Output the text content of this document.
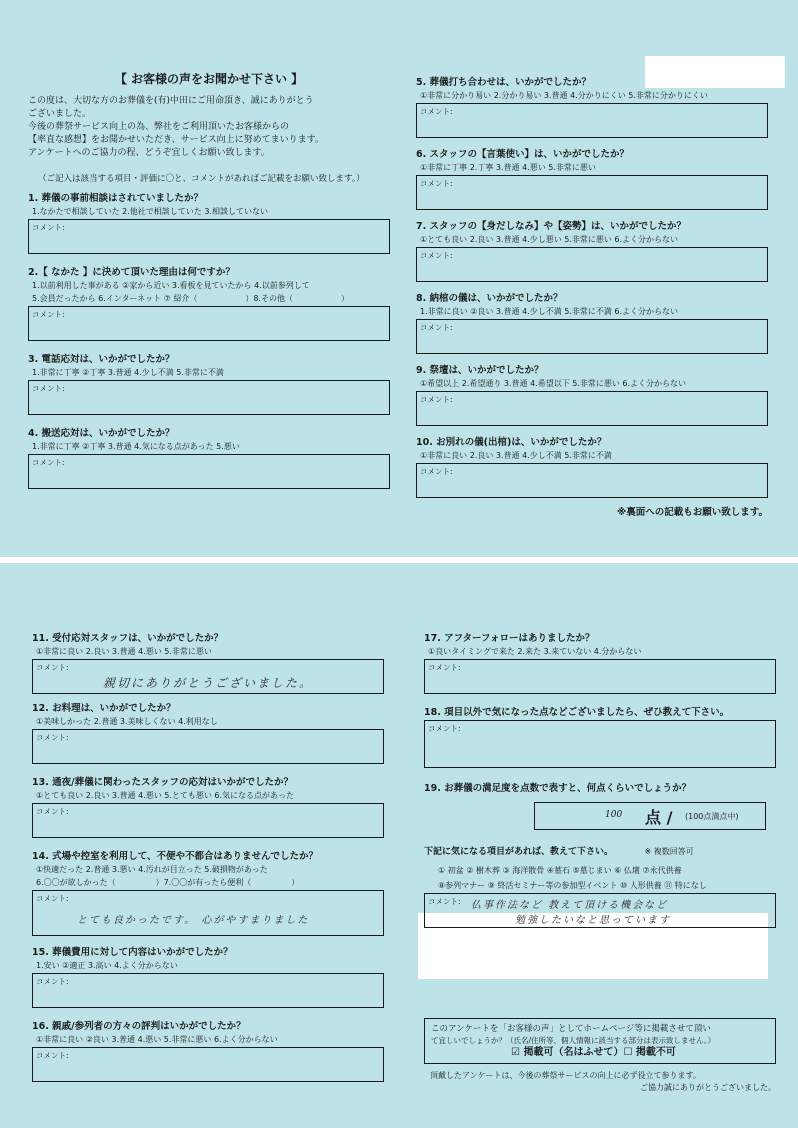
【 お客様の声をお聞かせ下さい 】

この度は、大切な方のお葬儀を(有)中田にご用命頂き、誠にありがとう

ございました。

今後の葬祭サービス向上の為、弊社をご利用頂いたお客様からの

【率直な感想】をお聞かせいただき、サービス向上に努めてまいります。

アンケートへのご協力の程、どうぞ宜しくお願い致します。

（ご記入は該当する項目・評価に〇と、コメントがあればご記載をお願い致します。）

1. 葬儀の事前相談はされていましたか？

1.なかたで相談していた 2.他社で相談していた 3.相談していない

コメント:

2.【 なかた 】に決めて頂いた理由は何ですか？

1.以前利用した事がある ②家から近い 3.看板を見ていたから 4.以前参列して

5.会員だったから 6.インターネット ⑦ 紹介（　　　　　　）8.その他（　　　　　　）

コメント:

3. 電話応対は、いかがでしたか？

1.非常に丁寧 ②丁寧 3.普通 4.少し不満 5.非常に不満

コメント:

4. 搬送応対は、いかがでしたか？

1.非常に丁寧 ②丁寧 3.普通 4.気になる点があった 5.悪い

コメント:

5. 葬儀打ち合わせは、いかがでしたか？

①非常に分かり易い 2.分かり易い 3.普通 4.分かりにくい 5.非常に分かりにくい

コメント:

6. スタッフの【言葉使い】は、いかがでしたか？

①非常に丁寧 2.丁寧 3.普通 4.悪い 5.非常に悪い

コメント:

7. スタッフの【身だしなみ】や【姿勢】は、いかがでしたか？

①とても良い 2.良い 3.普通 4.少し悪い 5.非常に悪い 6.よく分からない

コメント:

8. 納棺の儀は、いかがでしたか？

1.非常に良い ②良い 3.普通 4.少し不満 5.非常に不満 6.よく分からない

コメント:

9. 祭壇は、いかがでしたか？

①希望以上 2.希望通り 3.普通 4.希望以下 5.非常に悪い 6.よく分からない

コメント:

10. お別れの儀(出棺)は、いかがでしたか？

①非常に良い 2.良い 3.普通 4.少し不満 5.非常に不満

コメント:

※裏面への記載もお願い致します。

11. 受付応対スタッフは、いかがでしたか？

①非常に良い 2.良い 3.普通 4.悪い 5.非常に悪い

コメント:
親切にありがとうございました。

12. お料理は、いかがでしたか？

①美味しかった 2.普通 3.美味しくない 4.利用なし

コメント:

13. 通夜/葬儀に関わったスタッフの応対はいかがでしたか？

①とても良い 2.良い 3.普通 4.悪い 5.とても悪い 6.気になる点があった

コメント:

14. 式場や控室を利用して、不便や不都合はありませんでしたか？

①快適だった 2.普通 3.悪い 4.汚れが目立った 5.破損物があった

6.〇〇が欲しかった（　　　　　）7.〇〇が有ったら便利（　　　　　）

コメント:
とても良かったです。 心がやすまりました

15. 葬儀費用に対して内容はいかがでしたか？

1.安い ②適正 3.高い 4.よく分からない

コメント:

16. 親戚/参列者の方々の評判はいかがでしたか？

①非常に良い ②良い 3.普通 4.悪い 5.非常に悪い 6.よく分からない

コメント:

17. アフターフォローはありましたか？

①良いタイミングで来た 2.来た 3.来ていない 4.分からない

コメント:

18. 項目以外で気になった点などございましたら、ぜひ教えて下さい。

コメント:

19. お葬儀の満足度を点数で表すと、何点くらいでしょうか？

100 点 / (100点満点中)

下記に気になる項目があれば、教えて下さい。　　　　	※ 複数回答可

① 初盆 ② 樹木葬 ③ 海洋散骨 ④墓石 ⑤墓じまい ⑥ 仏壇 ⑦永代供養

⑧参列マナー ⑨ 終活セミナー等の参加型イベント ⑩ 人形供養 ⑪ 特になし

コメント: 仏事作法など 教えて頂ける機会など
勉強したいなと思っています
このアンケートを「お客様の声」としてホームページ等に掲載させて頂い
て宜しいでしょうか？（氏名/住所等、個人情報に該当する部分は表示致しません。）
☑ 掲載可（名はふせて）☐ 掲載不可

頂戴したアンケートは、今後の葬祭サービスの向上に必ず役立て参ります。

ご協力誠にありがとうございました。
